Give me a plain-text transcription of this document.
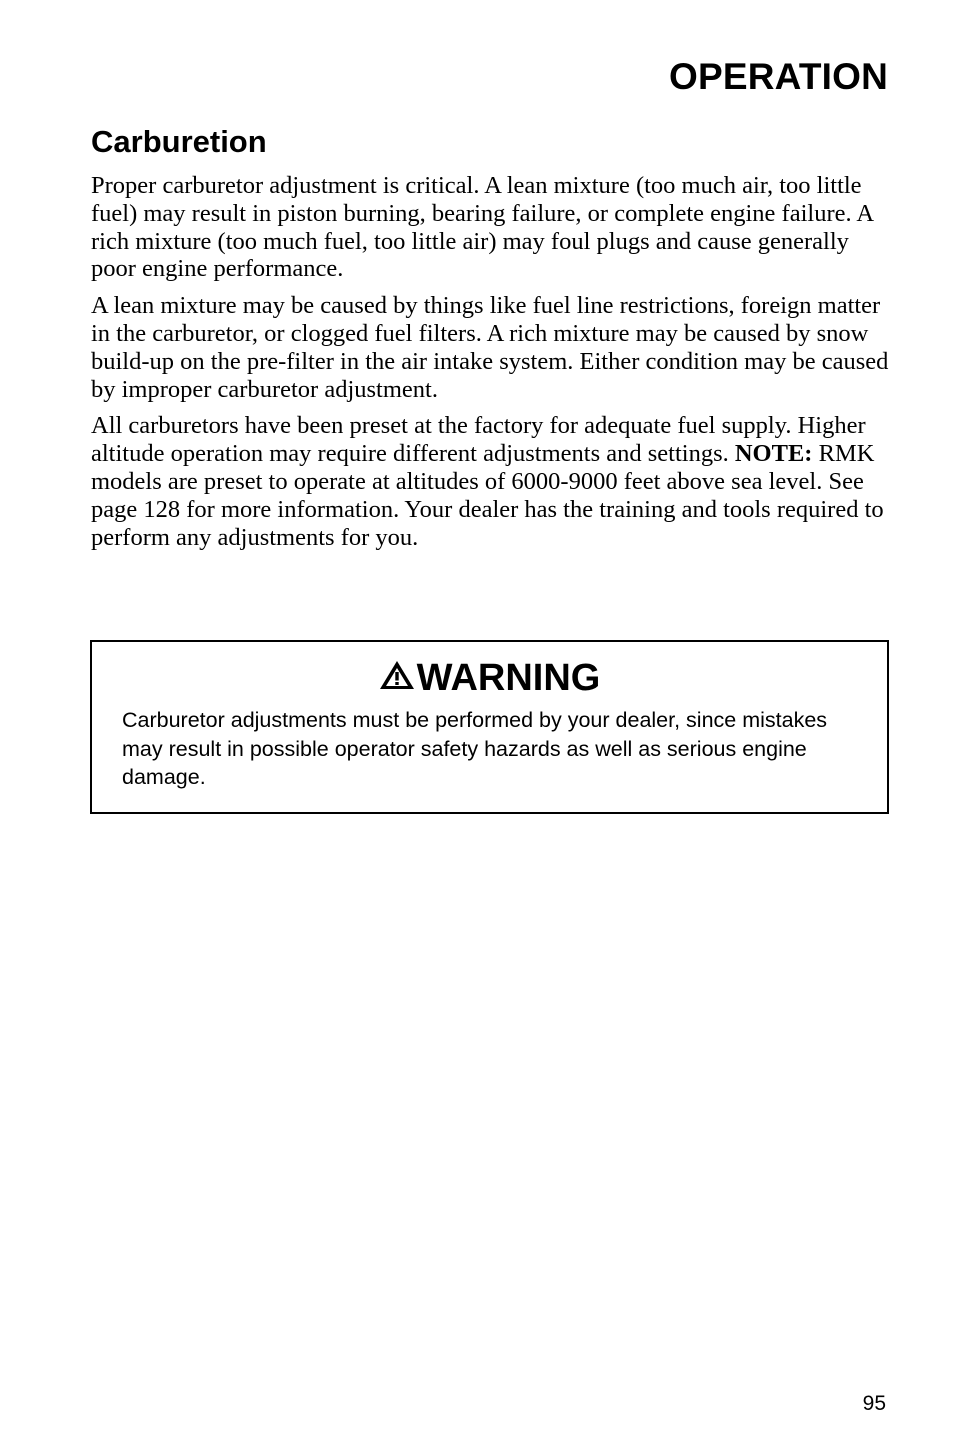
OPERATION
Carburetion

Proper carburetor adjustment is critical. A lean mixture (too much air, too little fuel) may result in piston burning, bearing failure, or complete engine failure. A rich mixture (too much fuel, too little air) may foul plugs and cause generally poor engine performance.

A lean mixture may be caused by things like fuel line restrictions, foreign matter in the carburetor, or clogged fuel filters. A rich mixture may be caused by snow build-up on the pre-filter in the air intake system. Either condition may be caused by improper carburetor adjustment.

All carburetors have been preset at the factory for adequate fuel supply. Higher altitude operation may require different adjustments and settings. NOTE: RMK models are preset to operate at altitudes of 6000-9000 feet above sea level. See page 128 for more information. Your dealer has the training and tools required to perform any adjustments for you.

WARNING
Carburetor adjustments must be performed by your dealer, since mistakes may result in possible operator safety hazards as well as serious engine damage.
95
